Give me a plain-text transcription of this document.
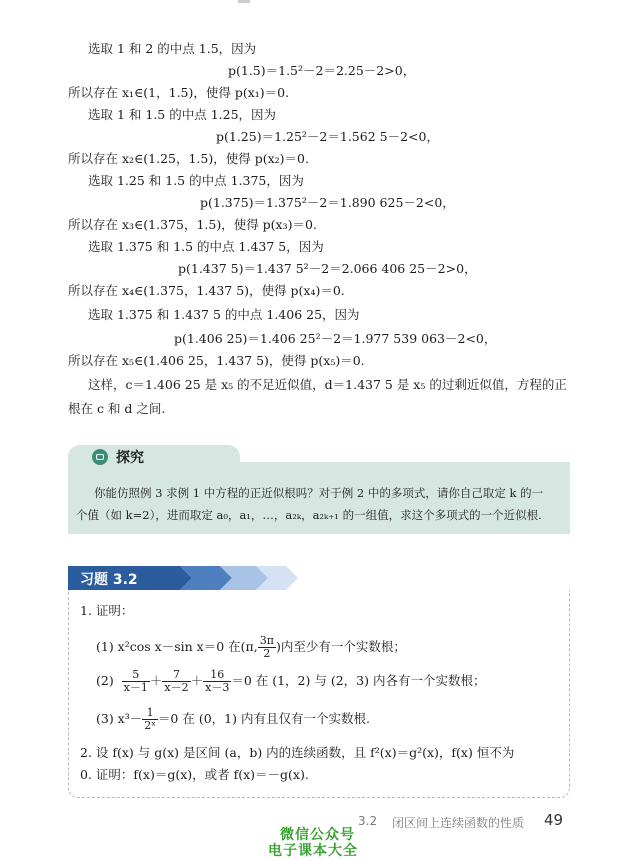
选取 1 和 2 的中点 1.5，因为
p(1.5)＝1.5²－2＝2.25－2>0，
所以存在 x₁∈(1，1.5)，使得 p(x₁)＝0.
选取 1 和 1.5 的中点 1.25，因为
p(1.25)＝1.25²－2＝1.562 5－2<0，
所以存在 x₂∈(1.25，1.5)，使得 p(x₂)＝0.
选取 1.25 和 1.5 的中点 1.375，因为
p(1.375)＝1.375²－2＝1.890 625－2<0，
所以存在 x₃∈(1.375，1.5)，使得 p(x₃)＝0.
选取 1.375 和 1.5 的中点 1.437 5，因为
p(1.437 5)＝1.437 5²－2＝2.066 406 25－2>0，
所以存在 x₄∈(1.375，1.437 5)，使得 p(x₄)＝0.
选取 1.375 和 1.437 5 的中点 1.406 25，因为
p(1.406 25)＝1.406 25²－2＝1.977 539 063－2<0，
所以存在 x₅∈(1.406 25，1.437 5)，使得 p(x₅)＝0.
这样，c＝1.406 25 是 x₅ 的不足近似值，d＝1.437 5 是 x₅ 的过剩近似值，方程的正
根在 c 和 d 之间.
探究
你能仿照例 3 求例 1 中方程的正近似根吗？对于例 2 中的多项式，请你自己取定 k 的一
个值（如 k=2），进而取定 a₀，a₁，…，a₂ₖ，a₂ₖ₊₁ 的一组值，求这个多项式的一个近似根.
习题 3.2
1. 证明：
(1) x²cos x－sin x＝0 在(π, $\frac{3\pi}{2}$ )内至少有一个实数根；
$(2) \frac{5}{x-1} + \frac{7}{x-2} + \frac{16}{x-3} =0$ 在 (1，2) 与 (2，3) 内各有一个实数根；
(3) $x^3- \frac{1}{\text{2ˣ}} =0$ 在 (0，1) 内有且仅有一个实数根.
2. 设 f(x) 与 g(x) 是区间 (a，b) 内的连续函数，且 f²(x)＝g²(x)，f(x) 恒不为
0. 证明：f(x)＝g(x)，或者 f(x)＝－g(x).
3.2 闭区间上连续函数的性质 49
微信公众号
电子课本大全
